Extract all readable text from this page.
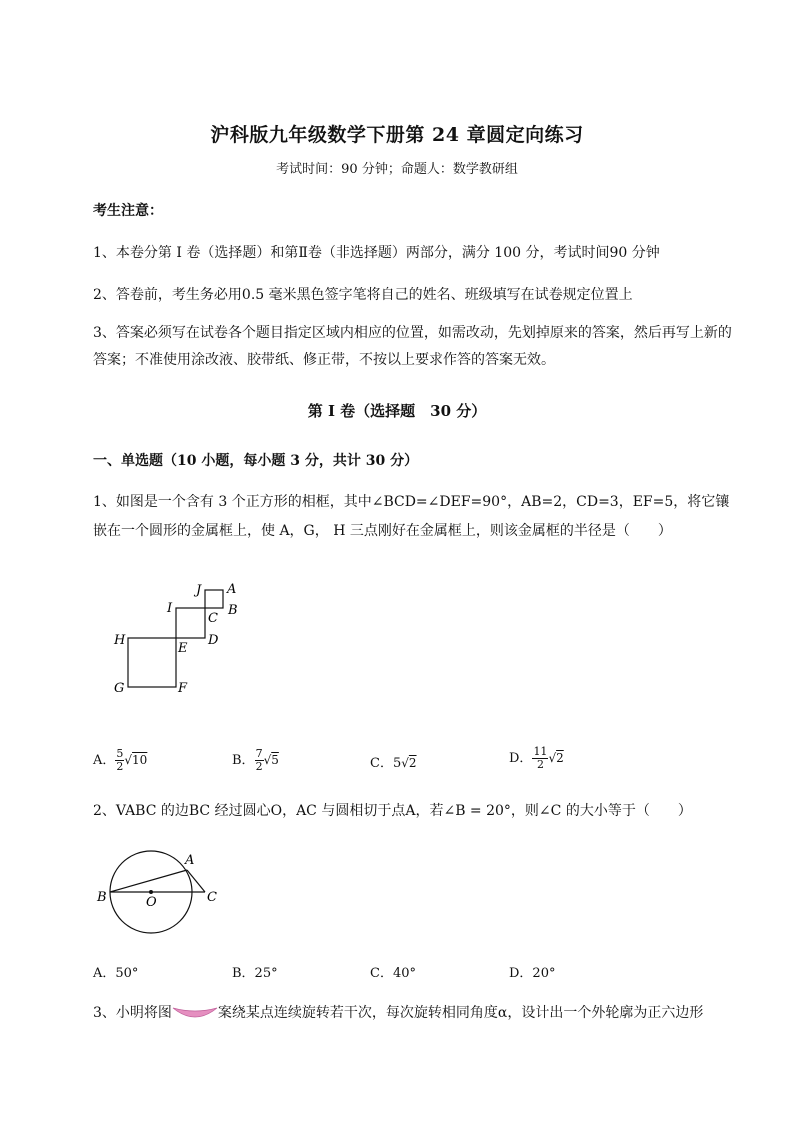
沪科版九年级数学下册第 24 章圆定向练习
考试时间：90 分钟；命题人：数学教研组
考生注意：
1、本卷分第 I 卷（选择题）和第Ⅱ卷（非选择题）两部分，满分 100 分，考试时间90 分钟
2、答卷前，考生务必用0.5 毫米黑色签字笔将自己的姓名、班级填写在试卷规定位置上
3、答案必须写在试卷各个题目指定区域内相应的位置，如需改动，先划掉原来的答案，然后再写上新的答案；不准使用涂改液、胶带纸、修正带，不按以上要求作答的答案无效。
第 I 卷（选择题　30 分）
一、单选题（10 小题，每小题 3 分，共计 30 分）
1、如图是一个含有 3 个正方形的相框，其中∠BCD=∠DEF=90°，AB=2，CD=3，EF=5，将它镶嵌在一个圆形的金属框上，使 A，G， H 三点刚好在金属框上，则该金属框的半径是（　　）
J A
I
C
B
H
E
D
G	F
A． $\frac{5}{2} √10$	B． $\frac{7}{2} √5$	C．5√2	D． $\frac{11}{2} √2$
2、VABC 的边BC 经过圆心O，AC 与圆相切于点A，若∠B = 20°，则∠C 的大小等于（　　）
A
B	O	C
A．50°	B．25°	C．40°	D．20°
3、小明将图	案绕某点连续旋转若干次，每次旋转相同角度α，设计出一个外轮廓为正六边形
